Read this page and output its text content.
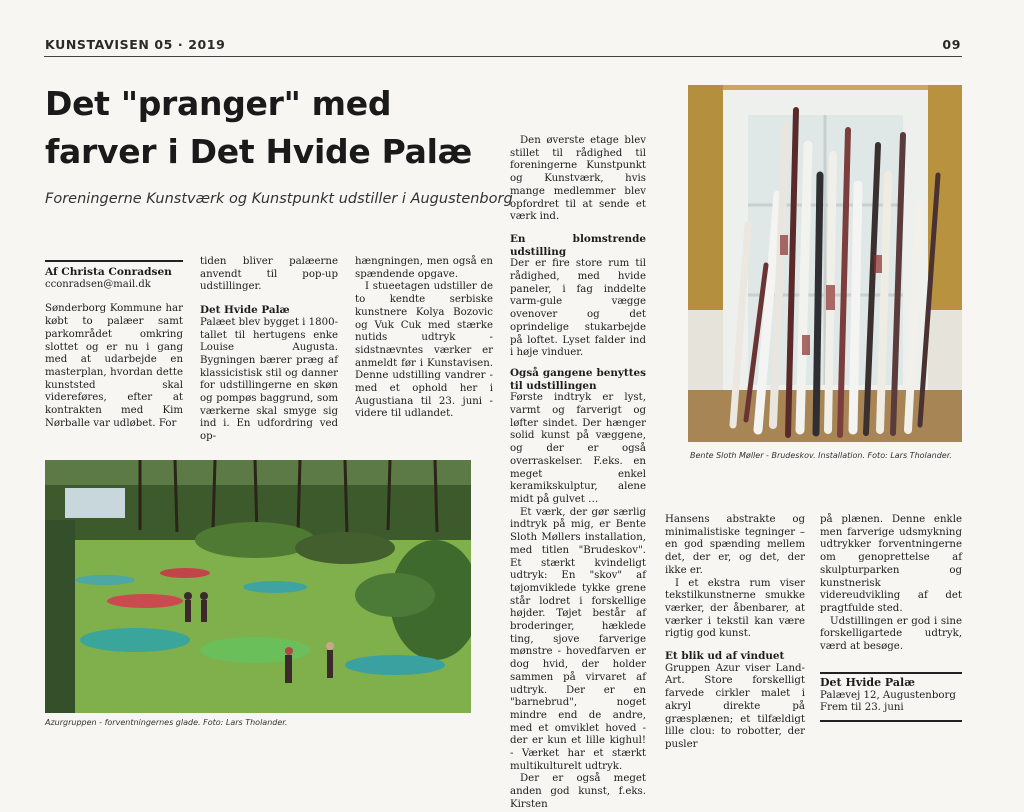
KUNSTAVISEN 05 · 2019	09
Det "pranger" med
farver i Det Hvide Palæ
Foreningerne Kunstværk og Kunstpunkt udstiller i Augustenborg
Af Christa Conradsen
cconradsen@mail.dk

Sønderborg Kommune har købt to palæer samt parkområdet omkring slottet og er nu i gang med at udarbejde en masterplan, hvordan dette kunststed skal videreføres, efter at kontrakten med Kim Nørballe var udløbet. For

tiden bliver palæerne anvendt til pop-up udstillinger.

Det Hvide Palæ

Palæet blev bygget i 1800-tallet til hertugens enke Louise Augusta. Bygningen bærer præg af klassicistisk stil og danner for udstillingerne en skøn og pompøs baggrund, som værkerne skal smyge sig ind i. En udfordring ved op-

hængningen, men også en spændende opgave.

I stueetagen udstiller de to kendte serbiske kunstnere Kolya Bozovic og Vuk Cuk med stærke nutids udtryk - sidstnævntes værker er anmeldt før i Kunstavisen. Denne udstilling vandrer - med et ophold her i Augustiana til 23. juni - videre til udlandet.

Den øverste etage blev stillet til rådighed til foreningerne Kunstpunkt og Kunstværk, hvis mange medlemmer blev opfordret til at sende et værk ind.

En blomstrende udstilling

Der er fire store rum til rådighed, med hvide paneler, i fag inddelte varm-gule vægge ovenover og det oprindelige stukarbejde på loftet. Lyset falder ind i høje vinduer.

Også gangene benyttes til udstillingen

Første indtryk er lyst, varmt og farverigt og løfter sindet. Der hænger solid kunst på væggene, og der er også overraskelser. F.eks. en meget enkel keramikskulptur, alene midt på gulvet …

Et værk, der gør særlig indtryk på mig, er Bente Sloth Møllers installation, med titlen "Brudeskov". Et stærkt kvindeligt udtryk: En "skov" af tøjomviklede tykke grene står lodret i forskellige højder. Tøjet består af broderinger, hæklede ting, sjove farverige mønstre - hovedfarven er dog hvid, der holder sammen på virvaret af udtryk. Der er en "barnebrud", noget mindre end de andre, med et omviklet hoved - der er kun et lille kighul! - Værket har et stærkt multikulturelt udtryk.

Der er også meget anden god kunst, f.eks. Kirsten

Bente Sloth Møller - Brudeskov. Installation. Foto: Lars Tholander.
Azurgruppen - forventningernes glade. Foto: Lars Tholander.

Hansens abstrakte og minimalistiske tegninger – en god spænding mellem det, der er, og det, der ikke er.

I et ekstra rum viser tekstilkunstnerne smukke værker, der åbenbarer, at værker i tekstil kan være rigtig god kunst.

Et blik ud af vinduet

Gruppen Azur viser Land-Art. Store forskelligt farvede cirkler malet i akryl direkte på græsplænen; et tilfældigt lille clou: to robotter, der pusler

på plænen. Denne enkle men farverige udsmykning udtrykker forventningerne om genoprettelse af skulpturparken og kunstnerisk videreudvikling af det pragtfulde sted.

Udstillingen er god i sine forskelligartede udtryk, værd at besøge.

Det Hvide Palæ
Palævej 12, Augustenborg
Frem til 23. juni
